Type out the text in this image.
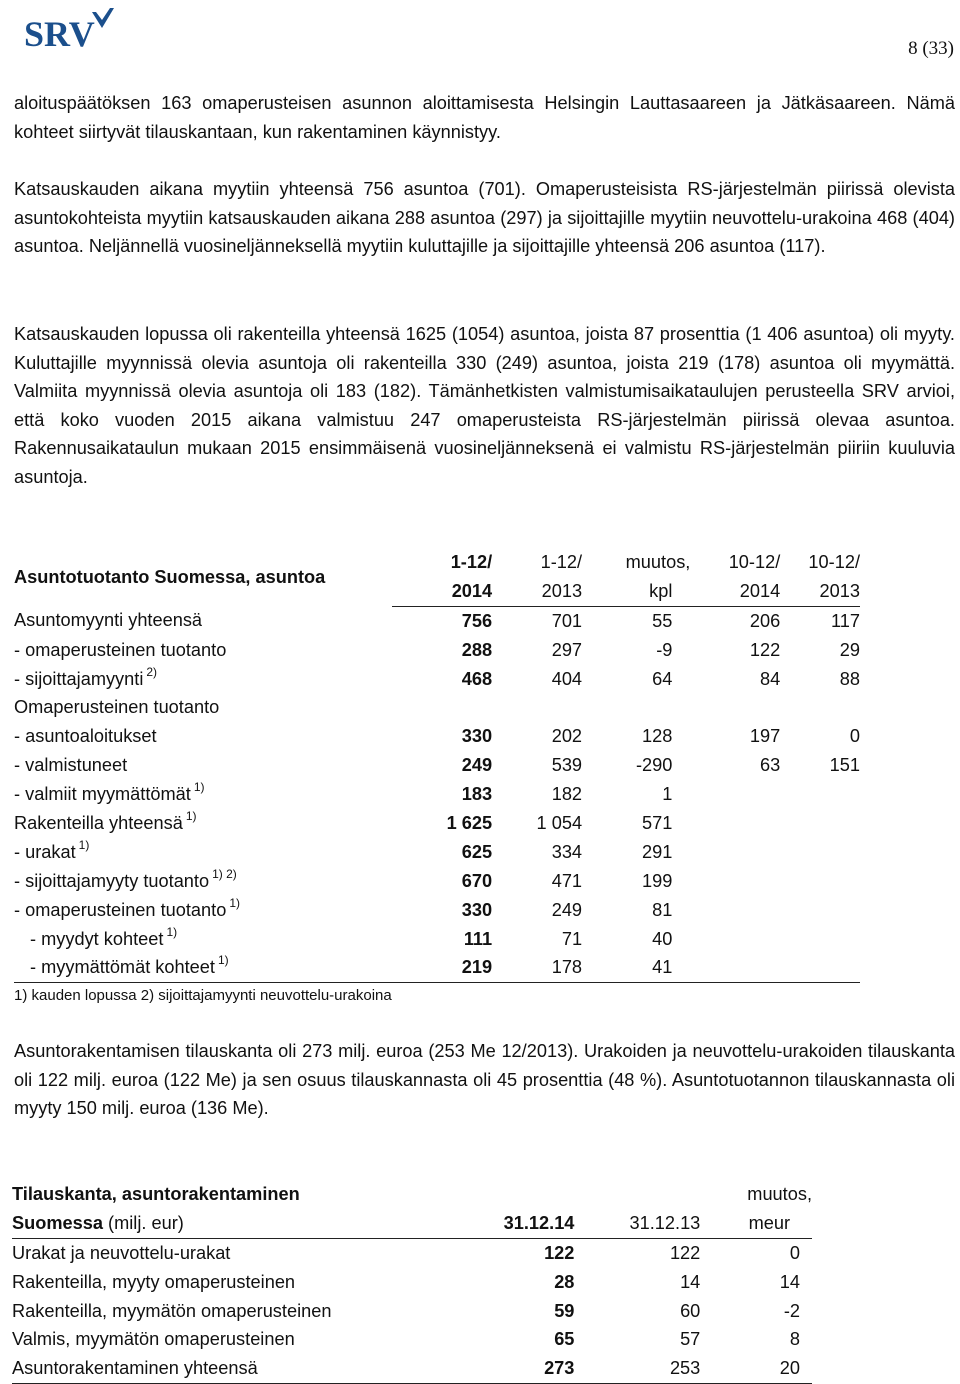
SRV	8 (33)

aloituspäätöksen 163 omaperusteisen asunnon aloittamisesta Helsingin Lauttasaareen ja Jätkäsaareen. Nämä kohteet siirtyvät tilauskantaan, kun rakentaminen käynnistyy.

Katsauskauden aikana myytiin yhteensä 756 asuntoa (701). Omaperusteisista RS-järjestelmän piirissä olevista asuntokohteista myytiin katsauskauden aikana 288 asuntoa (297) ja sijoittajille myytiin neuvottelu-urakoina 468 (404) asuntoa. Neljännellä vuosineljänneksellä myytiin kuluttajille ja sijoittajille yhteensä 206 asuntoa (117).

Katsauskauden lopussa oli rakenteilla yhteensä 1625 (1054) asuntoa, joista 87 prosenttia (1 406 asuntoa) oli myyty. Kuluttajille myynnissä olevia asuntoja oli rakenteilla 330 (249) asuntoa, joista 219 (178) asuntoa oli myymättä. Valmiita myynnissä olevia asuntoja oli 183 (182). Tämänhetkisten valmistumisaikataulujen perusteella SRV arvioi, että koko vuoden 2015 aikana valmistuu 247 omaperusteista RS-järjestelmän piirissä olevaa asuntoa. Rakennusaikataulun mukaan 2015 ensimmäisenä vuosineljänneksenä ei valmistu RS-järjestelmän piiriin kuuluvia asuntoja.

Asuntotuotanto Suomessa, asuntoa	1-12/	1-12/	muutos,	10-12/	10-12/
	2014	2013	kpl	2014	2013
Asuntomyynti yhteensä	756	701	55	206	117
- omaperusteinen tuotanto	288	297	-9	122	29
- sijoittajamyynti $^{2)}$	468	404	64	84	88
Omaperusteinen tuotanto					
- asuntoaloitukset	330	202	128	197	0
- valmistuneet	249	539	-290	63	151
- valmiit myymättömät $^{1)}$	183	182	1		
Rakenteilla yhteensä $^{1)}$	1 625	1 054	571		
- urakat $^{1)}$	625	334	291		
- sijoittajamyyty tuotanto $^{1) 2)}$	670	471	199		
- omaperusteinen tuotanto $^{1)}$	330	249	81		
- myydyt kohteet $^{1)}$	111	71	40		
- myymättömät kohteet $^{1)}$	219	178	41		
1) kauden lopussa 2) sijoittajamyynti neuvottelu-urakoina

Asuntorakentamisen tilauskanta oli 273 milj. euroa (253 Me 12/2013). Urakoiden ja neuvottelu-urakoiden tilauskanta oli 122 milj. euroa (122 Me) ja sen osuus tilauskannasta oli 45 prosenttia (48 %). Asuntotuotannon tilauskannasta oli myyty 150 milj. euroa (136 Me).

Tilauskanta, asuntorakentaminen			muutos,
Suomessa (milj. eur)	31.12.14	31.12.13	meur
Urakat ja neuvottelu-urakat	122	122	0
Rakenteilla, myyty omaperusteinen	28	14	14
Rakenteilla, myymätön omaperusteinen	59	60	-2
Valmis, myymätön omaperusteinen	65	57	8
Asuntorakentaminen yhteensä	273	253	20
